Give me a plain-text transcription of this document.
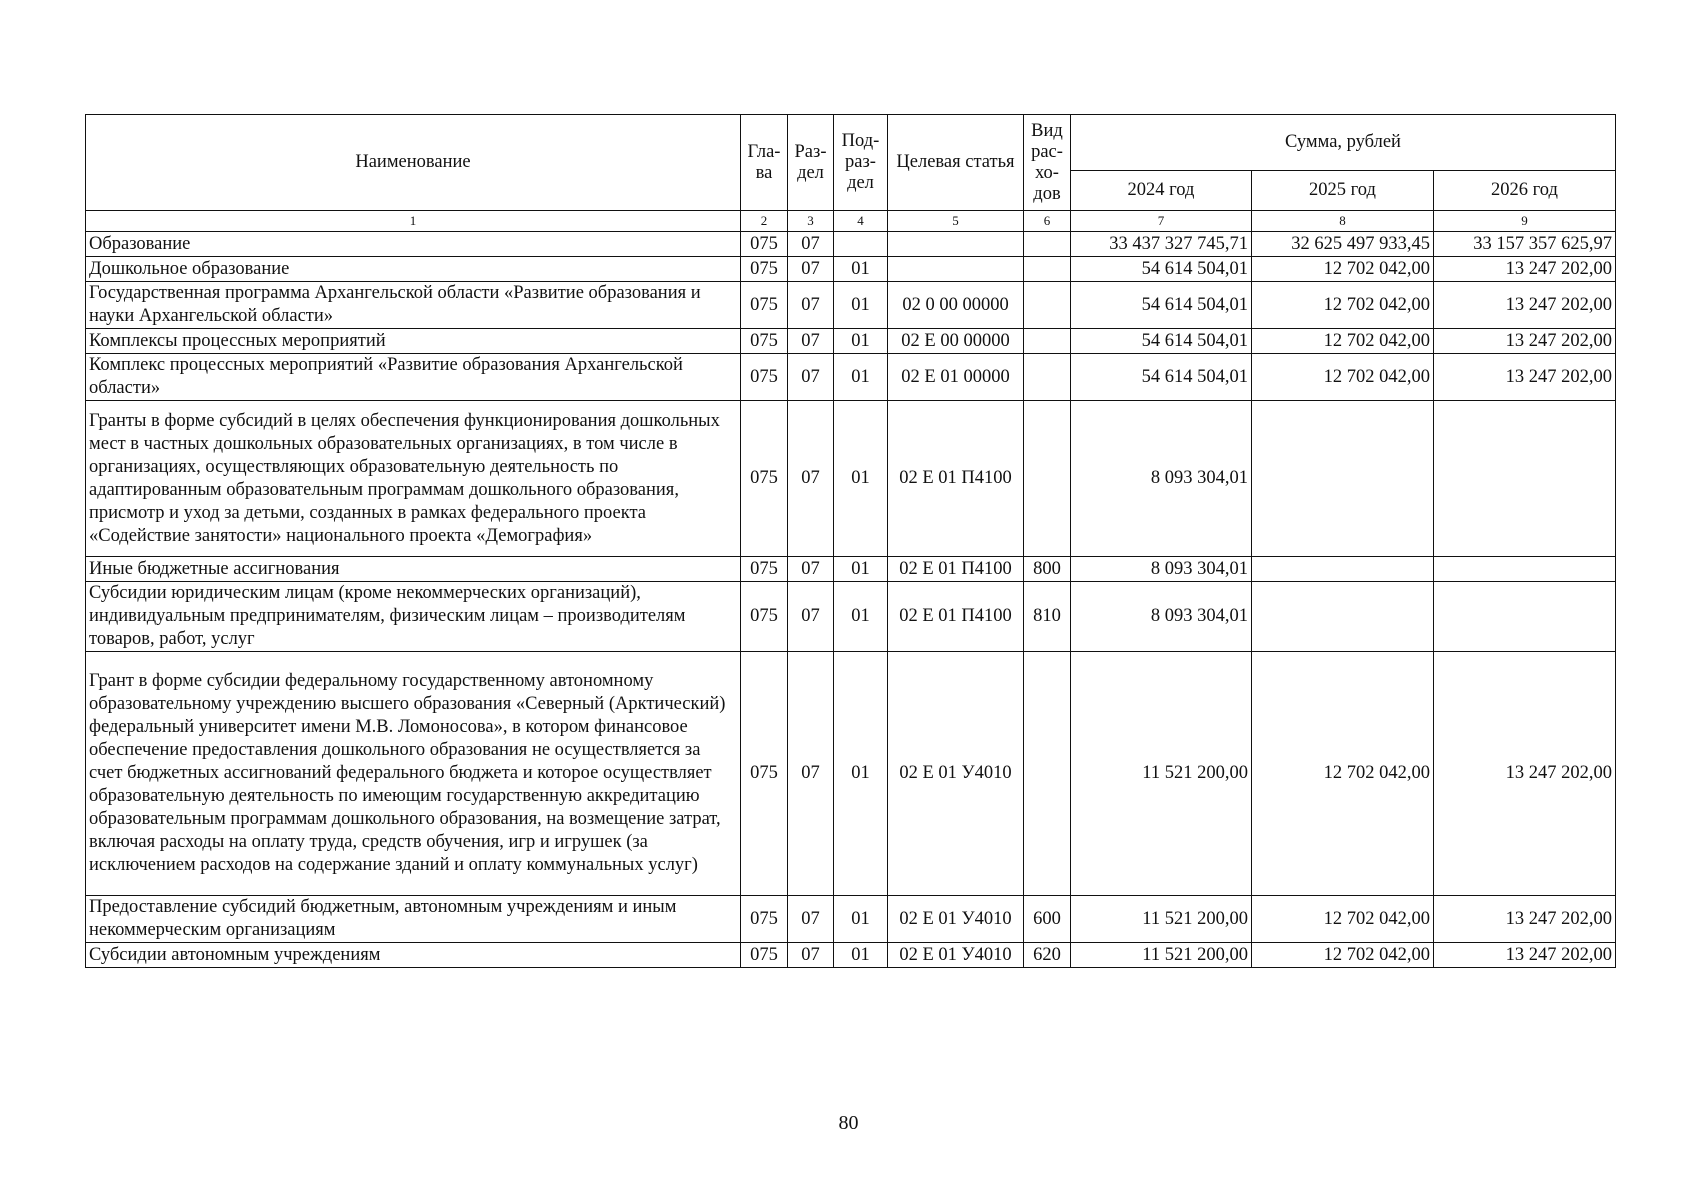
Наименование	Гла-ва	Раз-дел	Под-раз-дел	Целевая статья	Вид рас-хо-дов	Сумма, рублей		
						2024 год	2025 год	2026 год
1	2	3	4	5	6	7	8	9
Образование	075	07				33 437 327 745,71	32 625 497 933,45	33 157 357 625,97
Дошкольное образование	075	07	01			54 614 504,01	12 702 042,00	13 247 202,00
Государственная программа Архангельской области «Развитие образования и науки Архангельской области»	075	07	01	02 0 00 00000		54 614 504,01	12 702 042,00	13 247 202,00
Комплексы процессных мероприятий	075	07	01	02 Е 00 00000		54 614 504,01	12 702 042,00	13 247 202,00
Комплекс процессных мероприятий «Развитие образования Архангельской области»	075	07	01	02 Е 01 00000		54 614 504,01	12 702 042,00	13 247 202,00
Гранты в форме субсидий в целях обеспечения функционирования дошкольных мест в частных дошкольных образовательных организациях, в том числе в организациях, осуществляющих образовательную деятельность по адаптированным образовательным программам дошкольного образования, присмотр и уход за детьми, созданных в рамках федерального проекта «Содействие занятости» национального проекта «Демография»	075	07	01	02 Е 01 П4100		8 093 304,01		
Иные бюджетные ассигнования	075	07	01	02 Е 01 П4100	800	8 093 304,01		
Субсидии юридическим лицам (кроме некоммерческих организаций), индивидуальным предпринимателям, физическим лицам – производителям товаров, работ, услуг	075	07	01	02 Е 01 П4100	810	8 093 304,01		
Грант в форме субсидии федеральному государственному автономному образовательному учреждению высшего образования «Северный (Арктический) федеральный университет имени М.В. Ломоносова», в котором финансовое обеспечение предоставления дошкольного образования не осуществляется за счет бюджетных ассигнований федерального бюджета и которое осуществляет образовательную деятельность по имеющим государственную аккредитацию образовательным программам дошкольного образования, на возмещение затрат, включая расходы на оплату труда, средств обучения, игр и игрушек (за исключением расходов на содержание зданий и оплату коммунальных услуг)	075	07	01	02 Е 01 У4010		11 521 200,00	12 702 042,00	13 247 202,00
Предоставление субсидий бюджетным, автономным учреждениям и иным некоммерческим организациям	075	07	01	02 Е 01 У4010	600	11 521 200,00	12 702 042,00	13 247 202,00
Субсидии автономным учреждениям	075	07	01	02 Е 01 У4010	620	11 521 200,00	12 702 042,00	13 247 202,00
80
